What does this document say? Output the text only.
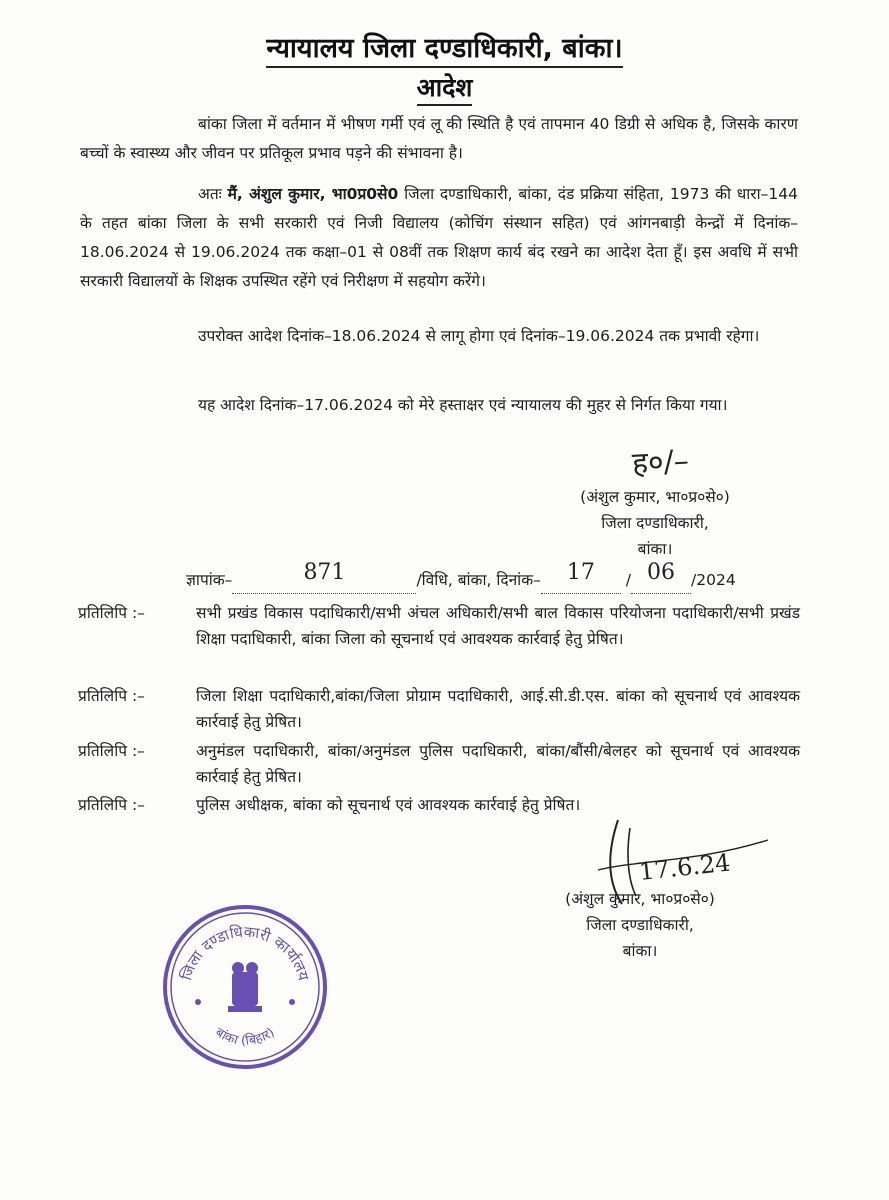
न्यायालय जिला दण्डाधिकारी, बांका।
आदेश
बांका जिला में वर्तमान में भीषण गर्मी एवं लू की स्थिति है एवं तापमान 40 डिग्री से अधिक है, जिसके कारण बच्चों के स्वास्थ्य और जीवन पर प्रतिकूल प्रभाव पड़ने की संभावना है।
अतः मैं, अंशुल कुमार, भा0प्र0से0 जिला दण्डाधिकारी, बांका, दंड प्रक्रिया संहिता, 1973 की धारा–144 के तहत बांका जिला के सभी सरकारी एवं निजी विद्यालय (कोचिंग संस्थान सहित) एवं आंगनबाड़ी केन्द्रों में दिनांक–18.06.2024 से 19.06.2024 तक कक्षा–01 से 08वीं तक शिक्षण कार्य बंद रखने का आदेश देता हूँ। इस अवधि में सभी सरकारी विद्यालयों के शिक्षक उपस्थित रहेंगे एवं निरीक्षण में सहयोग करेंगे।
उपरोक्त आदेश दिनांक–18.06.2024 से लागू होगा एवं दिनांक–19.06.2024 तक प्रभावी रहेगा।
यह आदेश दिनांक–17.06.2024 को मेरे हस्ताक्षर एवं न्यायालय की मुहर से निर्गत किया गया।
ह०/–
(अंशुल कुमार, भा०प्र०से०)
जिला दण्डाधिकारी,
बांका।
ज्ञापांक–	871	/विधि, बांका, दिनांक– 17 / 06 /2024
प्रतिलिपि :–	सभी प्रखंड विकास पदाधिकारी/सभी अंचल अधिकारी/सभी बाल विकास परियोजना पदाधिकारी/सभी प्रखंड शिक्षा पदाधिकारी, बांका जिला को सूचनार्थ एवं आवश्यक कार्रवाई हेतु प्रेषित।
प्रतिलिपि :–	जिला शिक्षा पदाधिकारी,बांका/जिला प्रोग्राम पदाधिकारी, आई.सी.डी.एस. बांका को सूचनार्थ एवं आवश्यक कार्रवाई हेतु प्रेषित।
प्रतिलिपि :–	अनुमंडल पदाधिकारी, बांका/अनुमंडल पुलिस पदाधिकारी, बांका/बौंसी/बेलहर को सूचनार्थ एवं आवश्यक कार्रवाई हेतु प्रेषित।
प्रतिलिपि :–	पुलिस अधीक्षक, बांका को सूचनार्थ एवं आवश्यक कार्रवाई हेतु प्रेषित।
17.6.24
(अंशुल कुमार, भा०प्र०से०)
जिला दण्डाधिकारी,
बांका।
जिला दण्डाधिकारी कार्यालय
बांका (बिहार)
